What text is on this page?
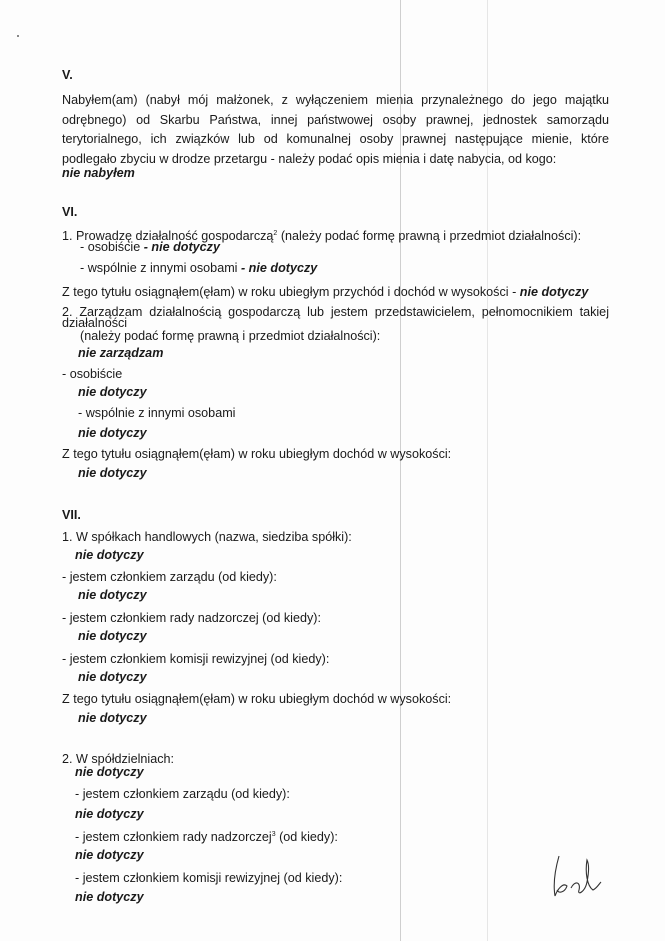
V.
Nabyłem(am) (nabył mój małżonek, z wyłączeniem mienia przynależnego do jego majątku
odrębnego) od Skarbu Państwa, innej państwowej osoby prawnej, jednostek samorządu
terytorialnego, ich związków lub od komunalnej osoby prawnej następujące mienie, które
podlegało zbyciu w drodze przetargu - należy podać opis mienia i datę nabycia, od kogo:
nie nabyłem
VI.
1. Prowadzę działalność gospodarczą$^2$ (należy podać formę prawną i przedmiot działalności):
- osobiście - nie dotyczy
- wspólnie z innymi osobami - nie dotyczy
Z tego tytułu osiągnąłem(ęłam) w roku ubiegłym przychód i dochód w wysokości - nie dotyczy
2. Zarządzam działalnością gospodarczą lub jestem przedstawicielem, pełnomocnikiem takiej
działalności
(należy podać formę prawną i przedmiot działalności):
nie zarządzam
- osobiście
nie dotyczy
- wspólnie z innymi osobami
nie dotyczy
Z tego tytułu osiągnąłem(ęłam) w roku ubiegłym dochód w wysokości:
nie dotyczy
VII.
1. W spółkach handlowych (nazwa, siedziba spółki):
nie dotyczy
- jestem członkiem zarządu (od kiedy):
nie dotyczy
- jestem członkiem rady nadzorczej (od kiedy):
nie dotyczy
- jestem członkiem komisji rewizyjnej (od kiedy):
nie dotyczy
Z tego tytułu osiągnąłem(ęłam) w roku ubiegłym dochód w wysokości:
nie dotyczy
2. W spółdzielniach:
nie dotyczy
- jestem członkiem zarządu (od kiedy):
nie dotyczy
- jestem członkiem rady nadzorczej$^3$ (od kiedy):
nie dotyczy
- jestem członkiem komisji rewizyjnej (od kiedy):
nie dotyczy
